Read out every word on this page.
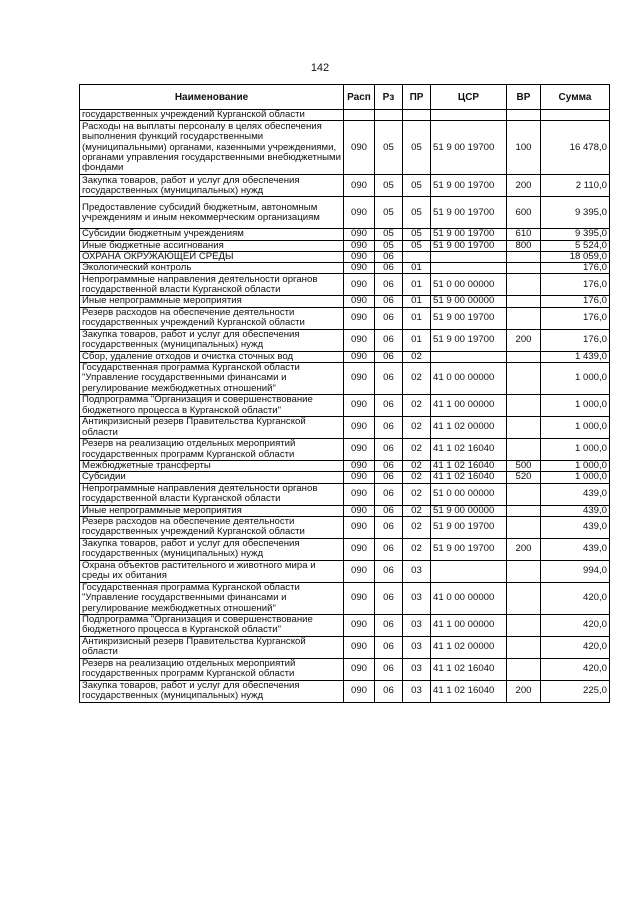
142
Наименование	Расп	Рз	ПР	ЦСР	ВР	Сумма
государственных учреждений Курганской области						
Расходы на выплаты персоналу в целях обеспечения выполнения функций государственными (муниципальными) органами, казенными учреждениями, органами управления государственными внебюджетными фондами	090	05	05	51 9 00 19700	100	16 478,0
Закупка товаров, работ и услуг для обеспечения государственных (муниципальных) нужд	090	05	05	51 9 00 19700	200	2 110,0
Предоставление субсидий бюджетным, автономным учреждениям и иным некоммерческим организациям	090	05	05	51 9 00 19700	600	9 395,0
Субсидии бюджетным учреждениям	090	05	05	51 9 00 19700	610	9 395,0
Иные бюджетные ассигнования	090	05	05	51 9 00 19700	800	5 524,0
ОХРАНА ОКРУЖАЮЩЕЙ СРЕДЫ	090	06				18 059,0
Экологический контроль	090	06	01			176,0
Непрограммные направления деятельности органов государственной власти Курганской области	090	06	01	51 0 00 00000		176,0
Иные непрограммные мероприятия	090	06	01	51 9 00 00000		176,0
Резерв расходов на обеспечение деятельности государственных учреждений Курганской области	090	06	01	51 9 00 19700		176,0
Закупка товаров, работ и услуг для обеспечения государственных (муниципальных) нужд	090	06	01	51 9 00 19700	200	176,0
Сбор, удаление отходов и очистка сточных вод	090	06	02			1 439,0
Государственная программа Курганской области "Управление государственными финансами и регулирование межбюджетных отношений"	090	06	02	41 0 00 00000		1 000,0
Подпрограмма "Организация и совершенствование бюджетного процесса в Курганской области"	090	06	02	41 1 00 00000		1 000,0
Антикризисный резерв Правительства Курганской области	090	06	02	41 1 02 00000		1 000,0
Резерв на реализацию отдельных мероприятий государственных программ Курганской области	090	06	02	41 1 02 16040		1 000,0
Межбюджетные трансферты	090	06	02	41 1 02 16040	500	1 000,0
Субсидии	090	06	02	41 1 02 16040	520	1 000,0
Непрограммные направления деятельности органов государственной власти Курганской области	090	06	02	51 0 00 00000		439,0
Иные непрограммные мероприятия	090	06	02	51 9 00 00000		439,0
Резерв расходов на обеспечение деятельности государственных учреждений Курганской области	090	06	02	51 9 00 19700		439,0
Закупка товаров, работ и услуг для обеспечения государственных (муниципальных) нужд	090	06	02	51 9 00 19700	200	439,0
Охрана объектов растительного и животного мира и среды их обитания	090	06	03			994,0
Государственная программа Курганской области "Управление государственными финансами и регулирование межбюджетных отношений"	090	06	03	41 0 00 00000		420,0
Подпрограмма "Организация и совершенствование бюджетного процесса в Курганской области"	090	06	03	41 1 00 00000		420,0
Антикризисный резерв Правительства Курганской области	090	06	03	41 1 02 00000		420,0
Резерв на реализацию отдельных мероприятий государственных программ Курганской области	090	06	03	41 1 02 16040		420,0
Закупка товаров, работ и услуг для обеспечения государственных (муниципальных) нужд	090	06	03	41 1 02 16040	200	225,0
